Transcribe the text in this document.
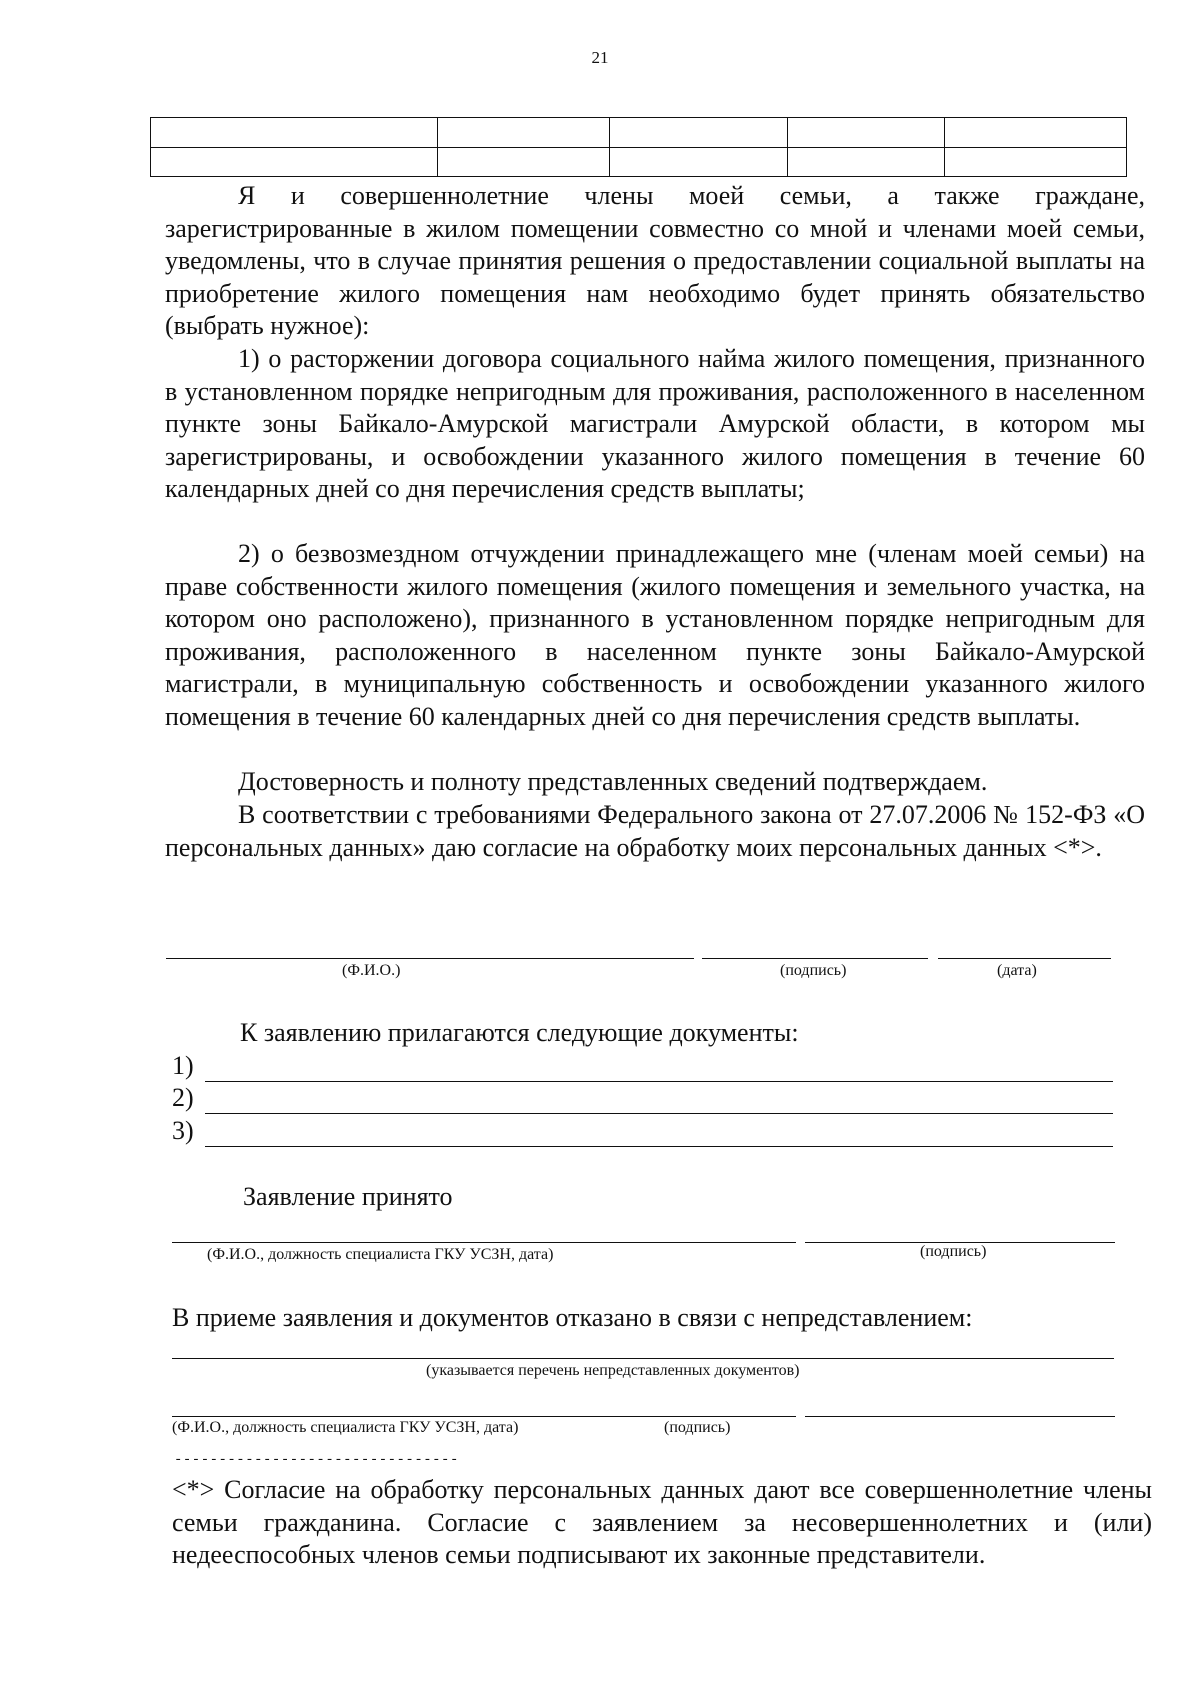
21

Я и совершеннолетние члены моей семьи, а также граждане, зарегистрированные в жилом помещении совместно со мной и членами моей семьи, уведомлены, что в случае принятия решения о предоставлении социальной выплаты на приобретение жилого помещения нам необходимо будет принять обязательство (выбрать нужное):

1) о расторжении договора социального найма жилого помещения, признанного в установленном порядке непригодным для проживания, расположенного в населенном пункте зоны Байкало-Амурской магистрали Амурской области, в котором мы зарегистрированы, и освобождении указанного жилого помещения в течение 60 календарных дней со дня перечисления средств выплаты;

2) о безвозмездном отчуждении принадлежащего мне (членам моей семьи) на праве собственности жилого помещения (жилого помещения и земельного участка, на котором оно расположено), признанного в установленном порядке непригодным для проживания, расположенного в населенном пункте зоны Байкало-Амурской магистрали, в муниципальную собственность и освобождении указанного жилого помещения в течение 60 календарных дней со дня перечисления средств выплаты.

Достоверность и полноту представленных сведений подтверждаем.

В соответствии с требованиями Федерального закона от 27.07.2006 № 152-ФЗ «О персональных данных» даю согласие на обработку моих персональных данных <*>.

(Ф.И.О.)	(подпись)	(дата)
К заявлению прилагаются следующие документы:
1)
2)
3)
Заявление принято
(Ф.И.О., должность специалиста ГКУ УСЗН, дата)	(подпись)
В приеме заявления и документов отказано в связи с непредставлением:
(указывается перечень непредставленных документов)
(Ф.И.О., должность специалиста ГКУ УСЗН, дата)	(подпись)
--------------------------------

<*> Согласие на обработку персональных данных дают все совершеннолетние члены семьи гражданина. Согласие с заявлением за несовершеннолетних и (или) недееспособных членов семьи подписывают их законные представители.
